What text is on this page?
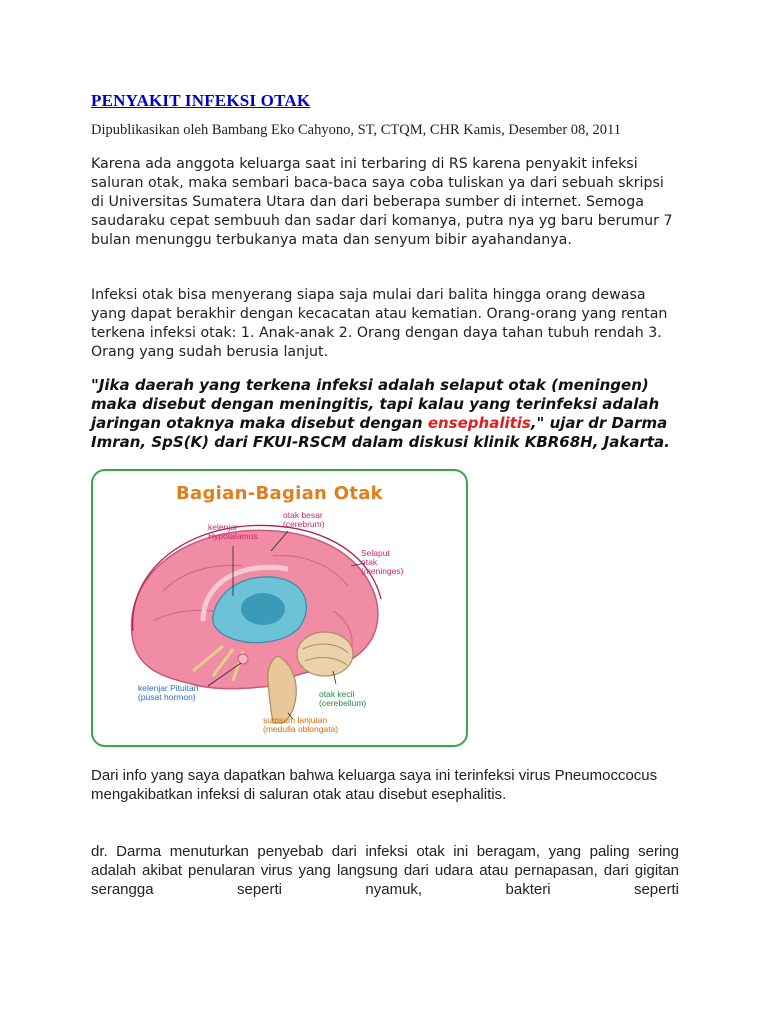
PENYAKIT INFEKSI OTAK

Dipublikasikan oleh Bambang Eko Cahyono, ST, CTQM, CHR Kamis, Desember 08, 2011

Karena ada anggota keluarga saat ini terbaring di RS karena penyakit infeksi saluran otak, maka sembari baca-baca saya coba tuliskan ya dari sebuah skripsi di Universitas Sumatera Utara dan dari beberapa sumber di internet. Semoga saudaraku cepat sembuuh dan sadar dari komanya, putra nya yg baru berumur 7 bulan menunggu terbukanya mata dan senyum bibir ayahandanya.

Infeksi otak bisa menyerang siapa saja mulai dari balita hingga orang dewasa yang dapat berakhir dengan kecacatan atau kematian. Orang-orang yang rentan terkena infeksi otak: 1. Anak-anak 2. Orang dengan daya tahan tubuh rendah 3. Orang yang sudah berusia lanjut.

"Jika daerah yang terkena infeksi adalah selaput otak (meningen) maka disebut dengan meningitis, tapi kalau yang terinfeksi adalah jaringan otaknya maka disebut dengan ensephalitis," ujar dr Darma Imran, SpS(K) dari FKUI-RSCM dalam diskusi klinik KBR68H, Jakarta.

Bagian-Bagian Otak
kelenjar
Hypotalamus
otak besar
(cerebrum)
Selaput
otak
(meninges)
kelenjar Pituitari
(pusat hormon)	otak kecil
(cerebellum)
sumsum lanjutan
(medulla oblongata)

Dari info yang saya dapatkan bahwa keluarga saya ini terinfeksi virus Pneumoccocus mengakibatkan infeksi di saluran otak atau disebut esephalitis.

dr. Darma menuturkan penyebab dari infeksi otak ini beragam, yang paling sering adalah akibat penularan virus yang langsung dari udara atau pernapasan, dari gigitan serangga seperti nyamuk, bakteri seperti
